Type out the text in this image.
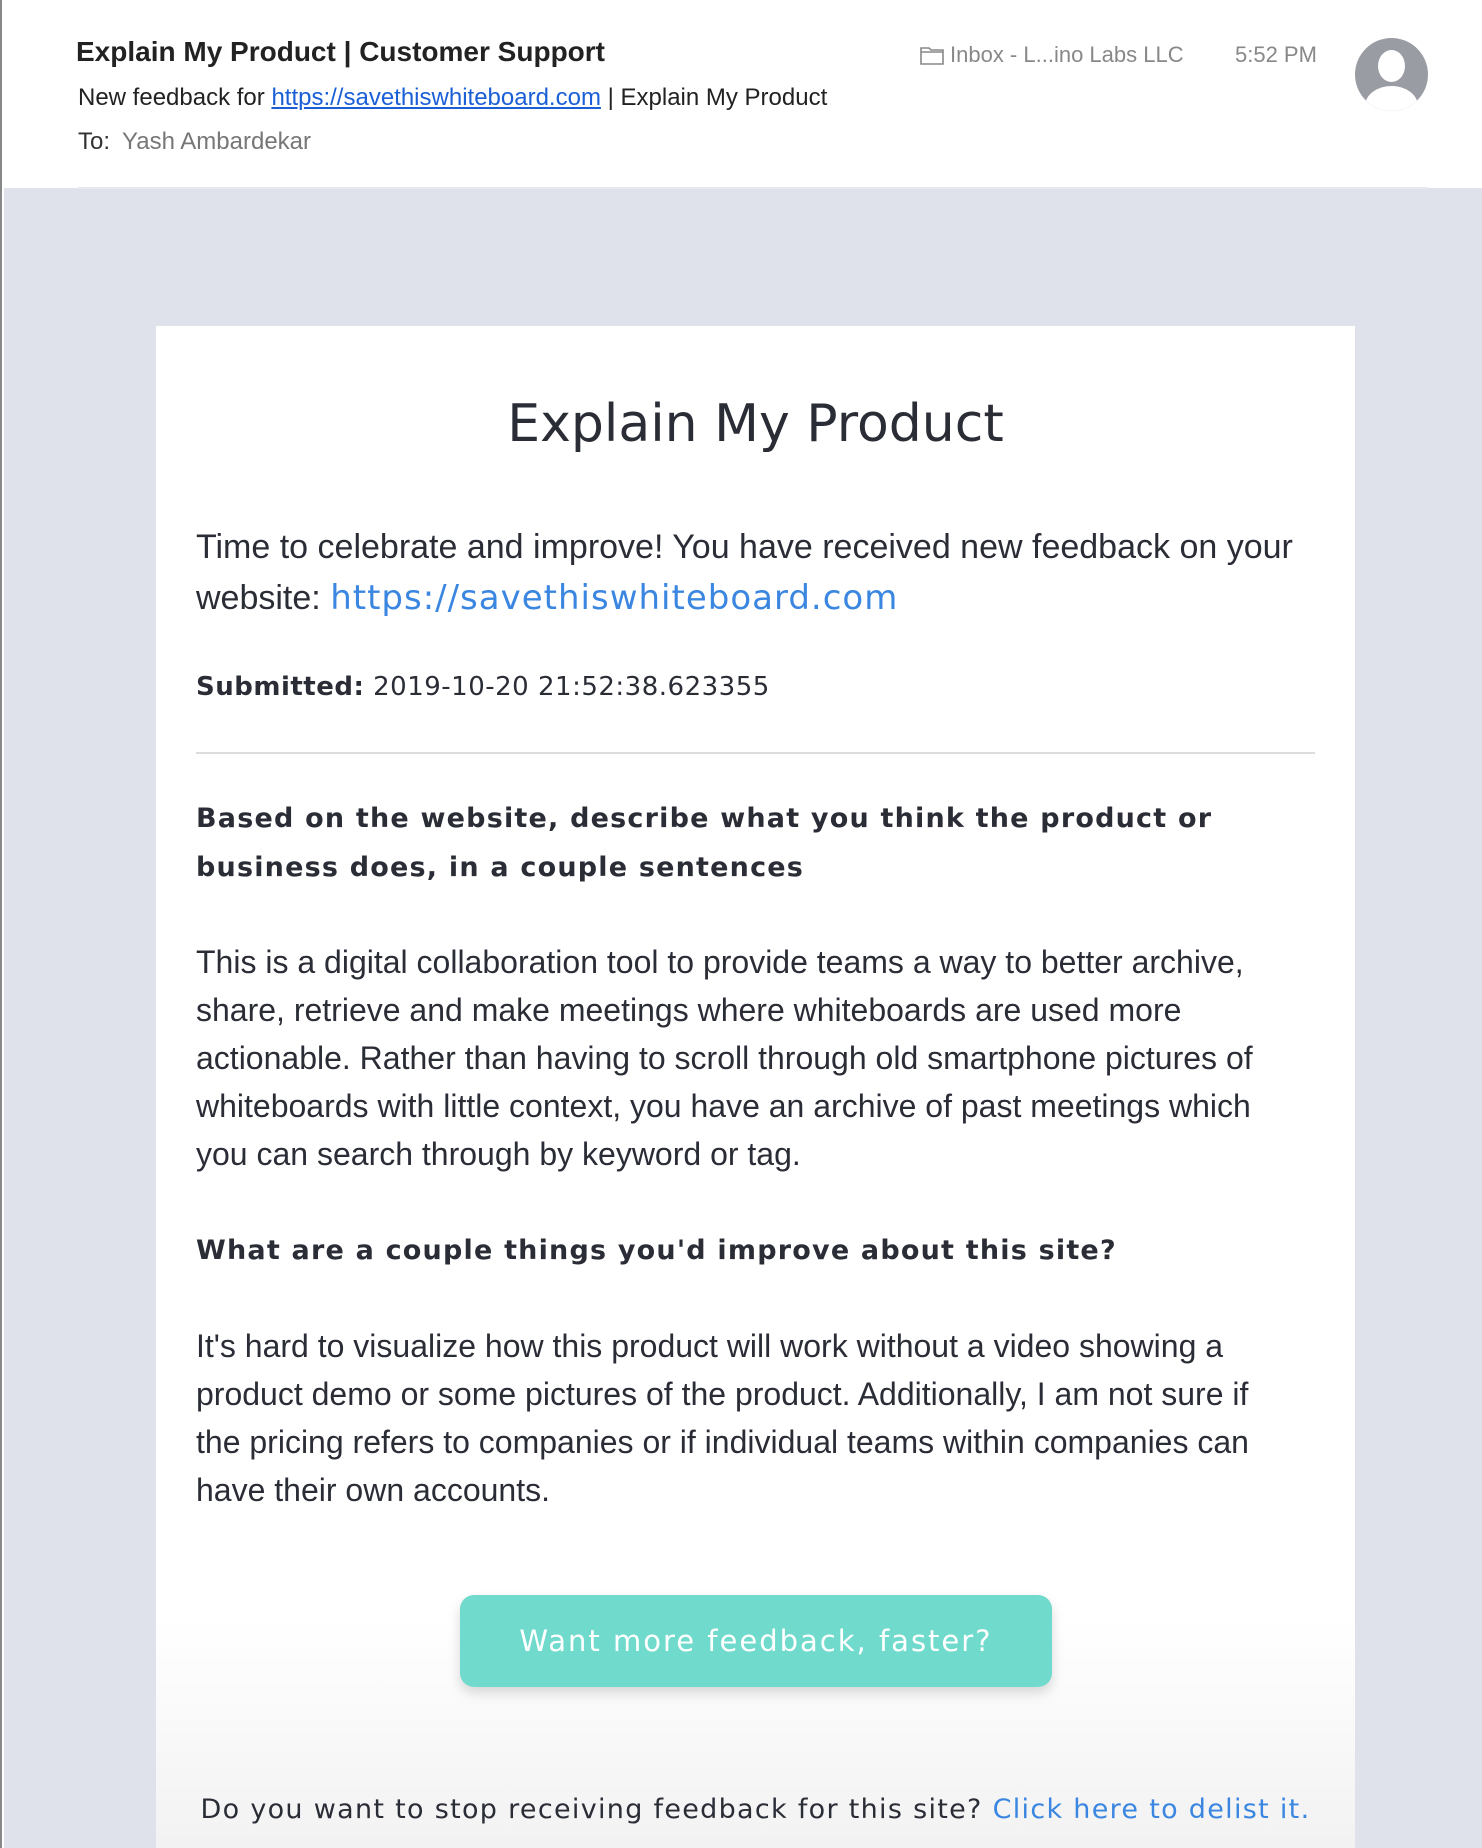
Explain My Product | Customer Support
New feedback for https://savethiswhiteboard.com | Explain My Product
To: Yash Ambardekar
Inbox - L...ino Labs LLC 5:52 PM
Explain My Product
Time to celebrate and improve! You have received new feedback on your website: https://savethiswhiteboard.com
Submitted: 2019-10-20 21:52:38.623355
Based on the website, describe what you think the product or business does, in a couple sentences
This is a digital collaboration tool to provide teams a way to better archive, share, retrieve and make meetings where whiteboards are used more actionable. Rather than having to scroll through old smartphone pictures of whiteboards with little context, you have an archive of past meetings which you can search through by keyword or tag.
What are a couple things you'd improve about this site?
It's hard to visualize how this product will work without a video showing a product demo or some pictures of the product. Additionally, I am not sure if the pricing refers to companies or if individual teams within companies can have their own accounts.
Want more feedback, faster?
Do you want to stop receiving feedback for this site? Click here to delist it.
